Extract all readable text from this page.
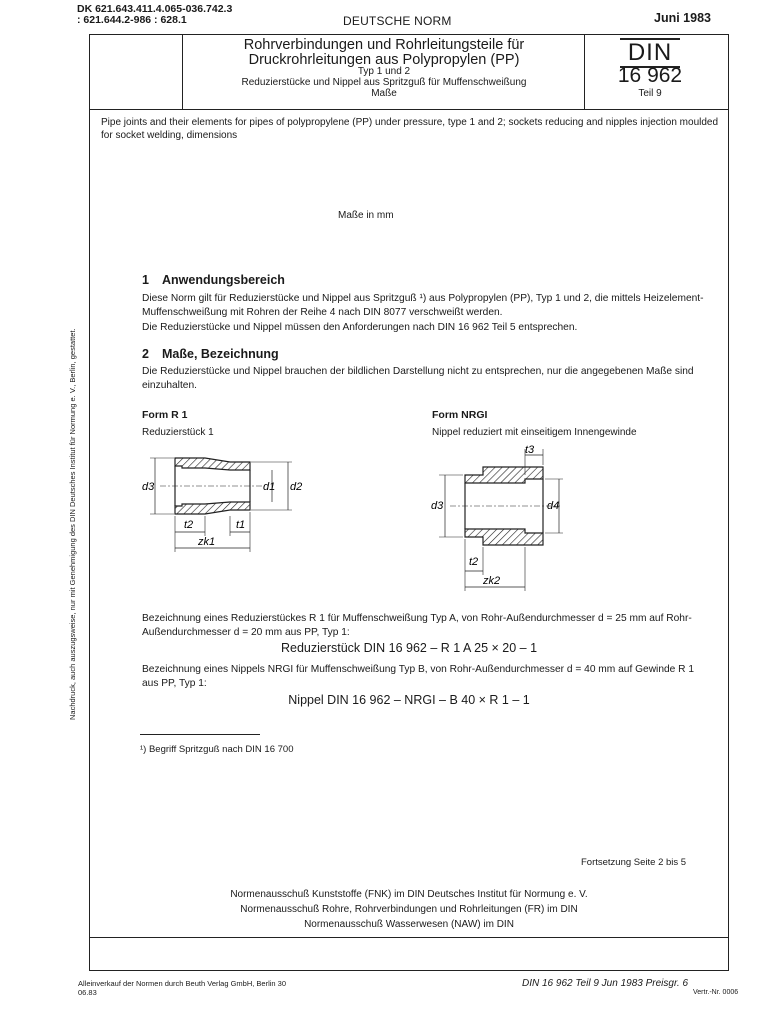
DK 621.643.411.4.065-036.742.3
: 621.644.2-986 : 628.1	DEUTSCHE NORM	Juni 1983
Rohrverbindungen und Rohrleitungsteile für
Druckrohrleitungen aus Polypropylen (PP)
Typ 1 und 2
Reduzierstücke und Nippel aus Spritzguß für Muffenschweißung
Maße
DIN
16 962
Teil 9
Pipe joints and their elements for pipes of polypropylene (PP) under pressure, type 1 and 2; sockets reducing and nipples injection moulded for socket welding, dimensions
Maße in mm
1 Anwendungsbereich
Diese Norm gilt für Reduzierstücke und Nippel aus Spritzguß ¹) aus Polypropylen (PP), Typ 1 und 2, die mittels Heizelement-Muffenschweißung mit Rohren der Reihe 4 nach DIN 8077 verschweißt werden.
Die Reduzierstücke und Nippel müssen den Anforderungen nach DIN 16 962 Teil 5 entsprechen.
2 Maße, Bezeichnung
Die Reduzierstücke und Nippel brauchen der bildlichen Darstellung nicht zu entsprechen, nur die angegebenen Maße sind einzuhalten.
Form R 1
Reduzierstück 1
Form NRGI
Nippel reduziert mit einseitigem Innengewinde
d3	d1 d2
t2	t1
zk1
t3
d3	d4
t2
zk2
Bezeichnung eines Reduzierstückes R 1 für Muffenschweißung Typ A, von Rohr-Außendurchmesser d = 25 mm auf Rohr-Außendurchmesser d = 20 mm aus PP, Typ 1:
Reduzierstück DIN 16 962 – R 1 A 25 × 20 – 1
Bezeichnung eines Nippels NRGI für Muffenschweißung Typ B, von Rohr-Außendurchmesser d = 40 mm auf Gewinde R 1 aus PP, Typ 1:
Nippel DIN 16 962 – NRGI – B 40 × R 1 – 1
¹) Begriff Spritzguß nach DIN 16 700
Fortsetzung Seite 2 bis 5
Normenausschuß Kunststoffe (FNK) im DIN Deutsches Institut für Normung e. V.
Normenausschuß Rohre, Rohrverbindungen und Rohrleitungen (FR) im DIN
Normenausschuß Wasserwesen (NAW) im DIN
Nachdruck, auch auszugsweise, nur mit Genehmigung des DIN Deutsches Institut für Normung e. V., Berlin, gestattet.
Alleinverkauf der Normen durch Beuth Verlag GmbH, Berlin 30
06.83
DIN 16 962 Teil 9 Jun 1983 Preisgr. 6
Vertr.-Nr. 0006
